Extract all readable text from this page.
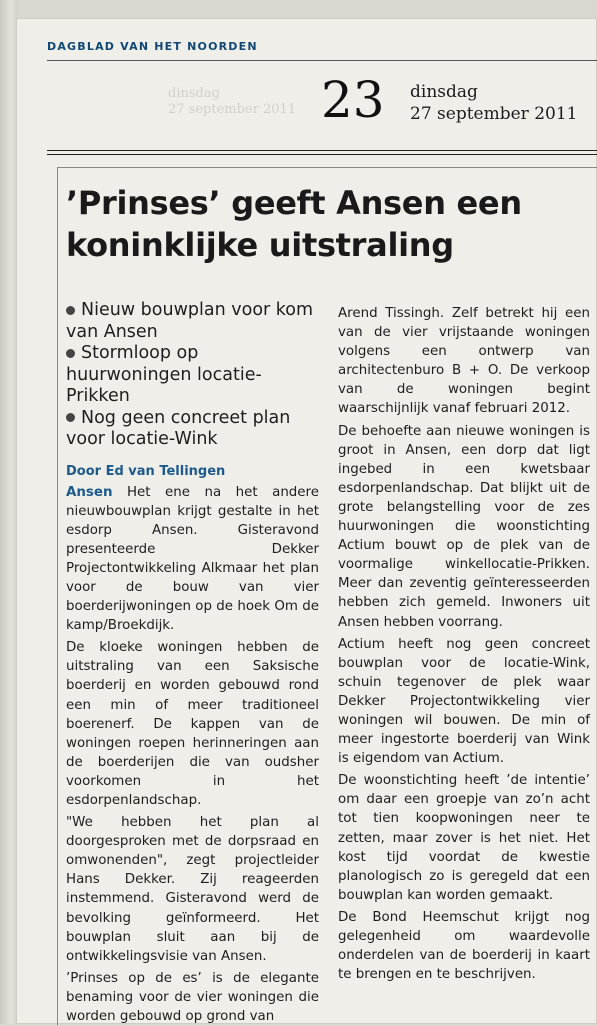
DAGBLAD VAN HET NOORDEN
dinsdag
27 september 2011 23 dinsdag
27 september 2011
’Prinses’ geeft Ansen een
koninklijke uitstraling
Nieuw bouwplan voor kom van Ansen
Stormloop op huurwoningen locatie-Prikken
Nog geen concreet plan voor locatie-Wink
Door Ed van Tellingen

Ansen Het ene na het andere nieuwbouwplan krijgt gestalte in het esdorp Ansen. Gisteravond presenteerde Dekker Projectontwikkeling Alkmaar het plan voor de bouw van vier boerderijwoningen op de hoek Om de kamp/Broekdijk.

De kloeke woningen hebben de uitstraling van een Saksische boerderij en worden gebouwd rond een min of meer traditioneel boerenerf. De kappen van de woningen roepen herinneringen aan de boerderijen die van oudsher voorkomen in het esdorpenlandschap.

"We hebben het plan al doorgesproken met de dorpsraad en omwonenden", zegt projectleider Hans Dekker. Zij reageerden instemmend. Gisteravond werd de bevolking geïnformeerd. Het bouwplan sluit aan bij de ontwikkelingsvisie van Ansen.

’Prinses op de es’ is de elegante benaming voor de vier woningen die worden gebouwd op grond van

Arend Tissingh. Zelf betrekt hij een van de vier vrijstaande woningen volgens een ontwerp van architectenburo B + O. De verkoop van de woningen begint waarschijnlijk vanaf februari 2012.

De behoefte aan nieuwe woningen is groot in Ansen, een dorp dat ligt ingebed in een kwetsbaar esdorpenlandschap. Dat blijkt uit de grote belangstelling voor de zes huurwoningen die woonstichting Actium bouwt op de plek van de voormalige winkellocatie-Prikken. Meer dan zeventig geïnteresseerden hebben zich gemeld. Inwoners uit Ansen hebben voorrang.

Actium heeft nog geen concreet bouwplan voor de locatie-Wink, schuin tegenover de plek waar Dekker Projectontwikkeling vier woningen wil bouwen. De min of meer ingestorte boerderij van Wink is eigendom van Actium.

De woonstichting heeft ’de intentie’ om daar een groepje van zo’n acht tot tien koopwoningen neer te zetten, maar zover is het niet. Het kost tijd voordat de kwestie planologisch zo is geregeld dat een bouwplan kan worden gemaakt.

De Bond Heemschut krijgt nog gelegenheid om waardevolle onderdelen van de boerderij in kaart te brengen en te beschrijven.
